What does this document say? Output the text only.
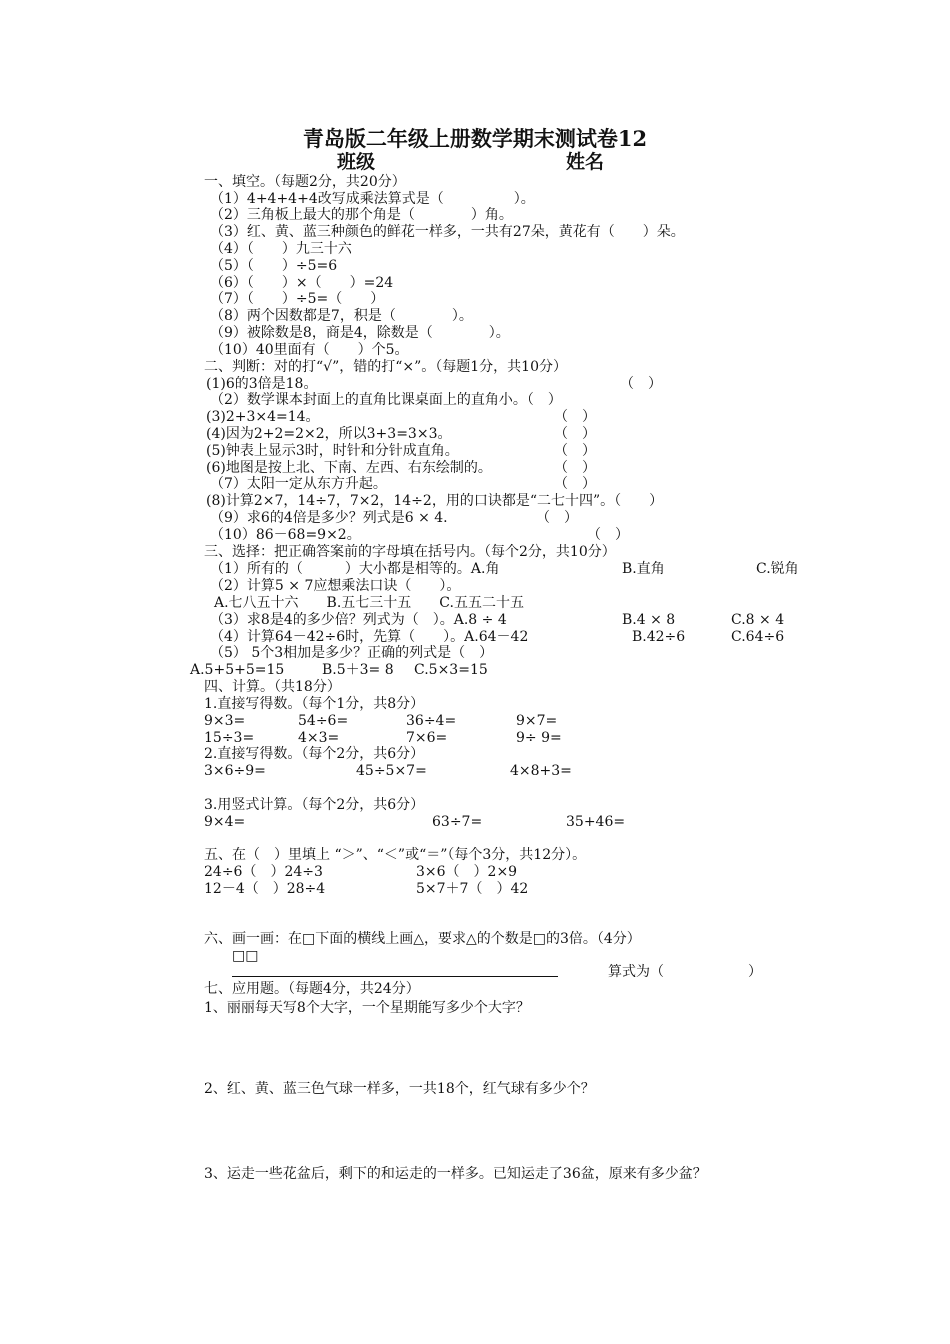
青岛版二年级上册数学期末测试卷12
班级	姓名
一、填空。（每题2分，共20分）
（1）4+4+4+4改写成乘法算式是（　　　　　）。
（2）三角板上最大的那个角是（　　　　）角。
（3）红、黄、蓝三种颜色的鲜花一样多，一共有27朵，黄花有（　　）朵。
（4）（　　）九三十六
（5）（　　）÷5=6
（6）（　　）×（　　）=24
（7）（　　）÷5=（　　）
（8）两个因数都是7，积是（　　　　）。
（9）被除数是8，商是4，除数是（　　　　）。
（10）40里面有（　　）个5。
二、判断：对的打“√”，错的打“×”。（每题1分，共10分）
(1)6的3倍是18。	（　）
（2）数学课本封面上的直角比课桌面上的直角小。（　）
(3)2+3×4=14。	（　）
(4)因为2+2=2×2，所以3+3=3×3。	（　）
(5)钟表上显示3时，时针和分针成直角。	（　）
(6)地图是按上北、下南、左西、右东绘制的。	（　）
（7）太阳一定从东方升起。	（　）
(8)计算2×7，14÷7，7×2，14÷2，用的口诀都是“二七十四”。（　　）
（9）求6的4倍是多少？列式是6 × 4.	（　）
（10）86－68=9×2。	（　）
三、选择：把正确答案前的字母填在括号内。（每个2分，共10分）
（1）所有的（　　　）大小都是相等的。A.角	B.直角	C.锐角
（2）计算5 × 7应想乘法口诀（　　）。
A.七八五十六　　B.五七三十五　　C.五五二十五
（3）求8是4的多少倍？列式为（　）。A.8 ÷ 4	B.4 × 8	C.8 × 4
（4）计算64－42÷6时，先算（　　）。A.64－42	B.42÷6	C.64÷6
（5） 5个3相加是多少？正确的列式是（　）
A.5+5+5=15	B.5＋3= 8 C.5×3=15
四、计算。（共18分）
1.直接写得数。（每个1分，共8分）
9×3=	54÷6=	36÷4=	9×7=
15÷3=	4×3=	7×6=	9÷ 9=
2.直接写得数。（每个2分，共6分）
3×6÷9=	45÷5×7=	4×8+3=
3.用竖式计算。（每个2分，共6分）
9×4=	63÷7=	35+46=
五、在（　）里填上 “＞”、“＜”或“＝”（每个3分，共12分）。
24÷6（　）24÷3	3×6（　）2×9
12－4（　）28÷4	5×7＋7（　）42
六、画一画：在□下面的横线上画△，要求△的个数是□的3倍。（4分）
□□
算式为（　　　　　　）
七、应用题。（每题4分，共24分）
1、丽丽每天写8个大字，一个星期能写多少个大字？
2、红、黄、蓝三色气球一样多，一共18个，红气球有多少个？
3、运走一些花盆后，剩下的和运走的一样多。已知运走了36盆，原来有多少盆？
